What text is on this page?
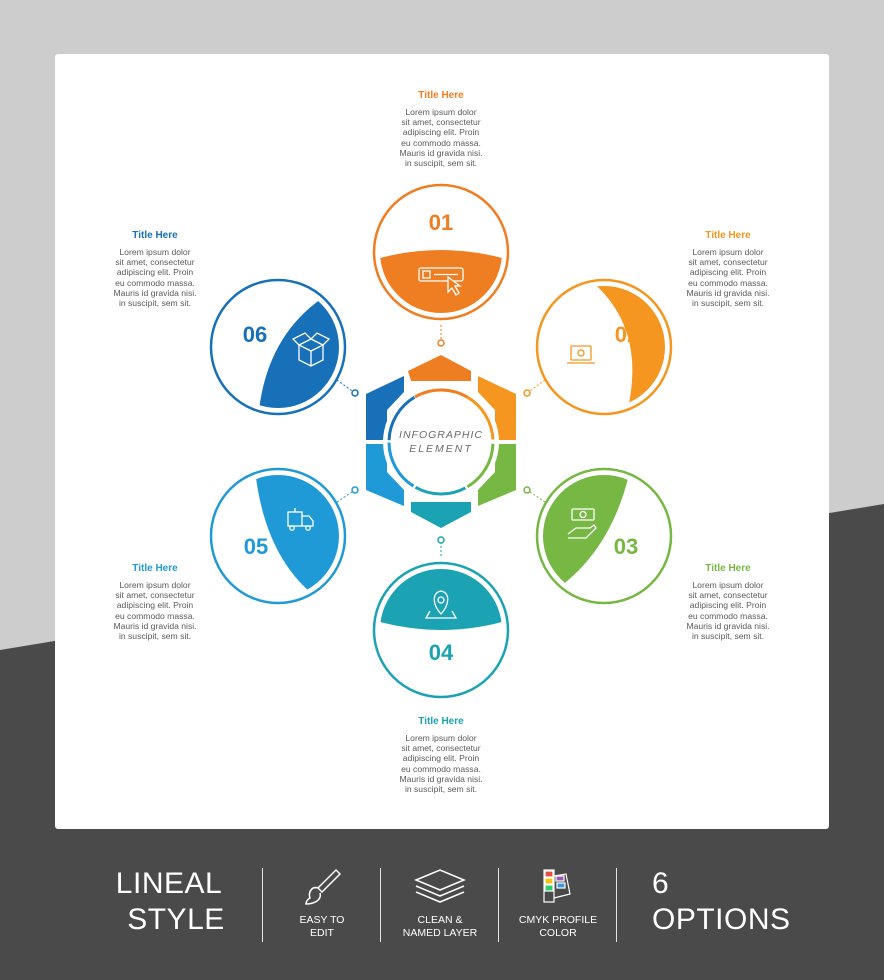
INFOGRAPHIC
ELEMENT
01
02
03
04
05
06
Title Here
Lorem ipsum dolor
sit amet, consectetur
adipiscing elit. Proin
eu commodo massa.
Mauris id gravida nisi.
in suscipit, sem sit.
Title Here
Lorem ipsum dolor
sit amet, consectetur
adipiscing elit. Proin
eu commodo massa.
Mauris id gravida nisi.
in suscipit, sem sit.
Title Here
Lorem ipsum dolor
sit amet, consectetur
adipiscing elit. Proin
eu commodo massa.
Mauris id gravida nisi.
in suscipit, sem sit.
Title Here
Lorem ipsum dolor
sit amet, consectetur
adipiscing elit. Proin
eu commodo massa.
Mauris id gravida nisi.
in suscipit, sem sit.
Title Here
Lorem ipsum dolor
sit amet, consectetur
adipiscing elit. Proin
eu commodo massa.
Mauris id gravida nisi.
in suscipit, sem sit.
Title Here
Lorem ipsum dolor
sit amet, consectetur
adipiscing elit. Proin
eu commodo massa.
Mauris id gravida nisi.
in suscipit, sem sit.
LINEAL
STYLE	EASY TO
EDIT
CLEAN &
NAMED LAYER
CMYK PROFILE
COLOR
6
OPTIONS
